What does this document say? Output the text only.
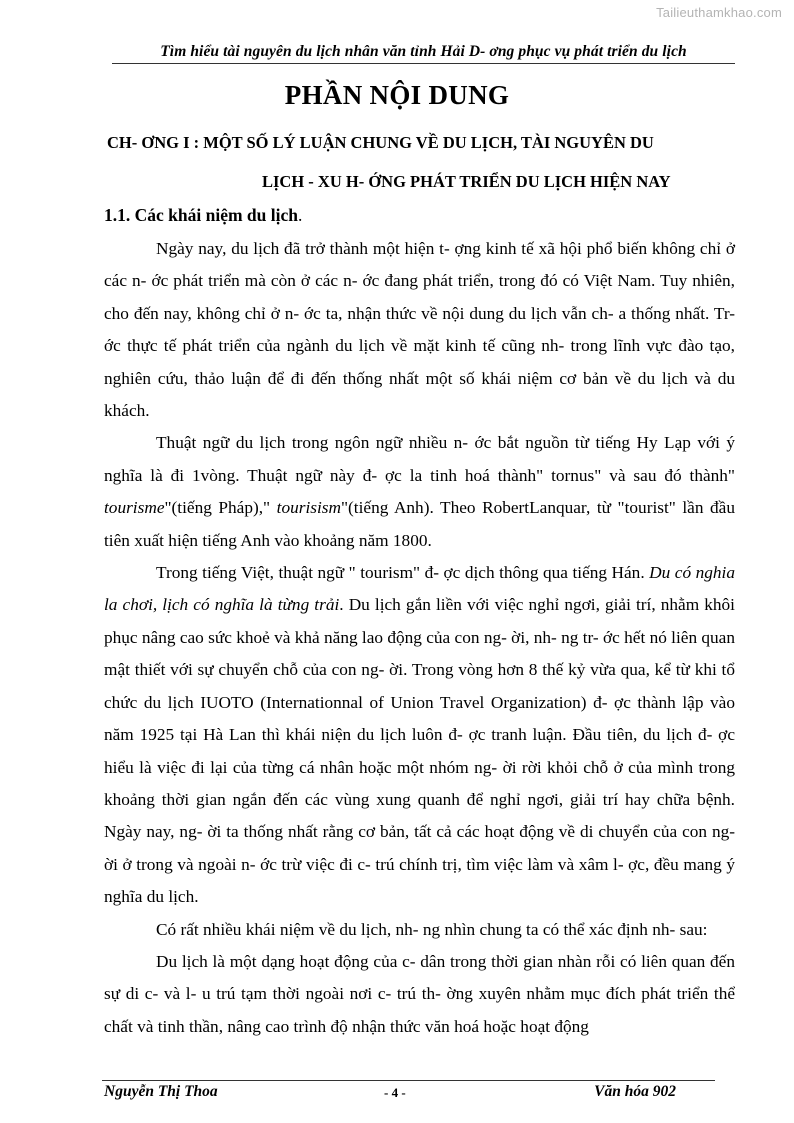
Tailieuthamkhao.com
Tìm hiểu tài nguyên du lịch nhân văn tỉnh Hải D- ơng phục vụ phát triển du lịch
PHẦN NỘI DUNG
CH- ƠNG I : MỘT SỐ LÝ LUẬN CHUNG VỀ DU LỊCH, TÀI NGUYÊN DU
LỊCH - XU H- ỚNG PHÁT TRIỂN DU LỊCH HIỆN NAY
1.1. Các khái niệm du lịch.

Ngày nay, du lịch đã trở thành một hiện t- ợng kinh tế xã hội phổ biến không chỉ ở các n- ớc phát triển mà còn ở các n- ớc đang phát triển, trong đó có Việt Nam. Tuy nhiên, cho đến nay, không chỉ ở n- ớc ta, nhận thức về nội dung du lịch vẫn ch- a thống nhất. Tr- ớc thực tế phát triển của ngành du lịch về mặt kinh tế cũng nh- trong lĩnh vực đào tạo, nghiên cứu, thảo luận để đi đến thống nhất một số khái niệm cơ bản về du lịch và du khách.

Thuật ngữ du lịch trong ngôn ngữ nhiều n- ớc bắt nguồn từ tiếng Hy Lạp với ý nghĩa là đi 1vòng. Thuật ngữ này đ- ợc la tinh hoá thành" tornus" và sau đó thành" tourisme"(tiếng Pháp)," tourisism"(tiếng Anh). Theo RobertLanquar, từ "tourist" lần đầu tiên xuất hiện tiếng Anh vào khoảng năm 1800.

Trong tiếng Việt, thuật ngữ " tourism" đ- ợc dịch thông qua tiếng Hán. Du có nghia la chơi, lịch có nghĩa là từng trải. Du lịch gắn liền với việc nghỉ ngơi, giải trí, nhằm khôi phục nâng cao sức khoẻ và khả năng lao động của con ng- ời, nh- ng tr- ớc hết nó liên quan mật thiết với sự chuyển chỗ của con ng- ời. Trong vòng hơn 8 thế kỷ vừa qua, kể từ khi tổ chức du lịch IUOTO (Internationnal of Union Travel Organization) đ- ợc thành lập vào năm 1925 tại Hà Lan thì khái niện du lịch luôn đ- ợc tranh luận. Đầu tiên, du lịch đ- ợc hiểu là việc đi lại của từng cá nhân hoặc một nhóm ng- ời rời khỏi chỗ ở của mình trong khoảng thời gian ngắn đến các vùng xung quanh để nghỉ ngơi, giải trí hay chữa bệnh. Ngày nay, ng- ời ta thống nhất rằng cơ bản, tất cả các hoạt động về di chuyển của con ng- ời ở trong và ngoài n- ớc trừ việc đi c- trú chính trị, tìm việc làm và xâm l- ợc, đều mang ý nghĩa du lịch.

Có rất nhiều khái niệm về du lịch, nh- ng nhìn chung ta có thể xác định nh- sau:

Du lịch là một dạng hoạt động của c- dân trong thời gian nhàn rỗi có liên quan đến sự di c- và l- u trú tạm thời ngoài nơi c- trú th- ờng xuyên nhằm mục đích phát triển thể chất và tinh thần, nâng cao trình độ nhận thức văn hoá hoặc hoạt động

Nguyễn Thị Thoa	- 4 -	Văn hóa 902
